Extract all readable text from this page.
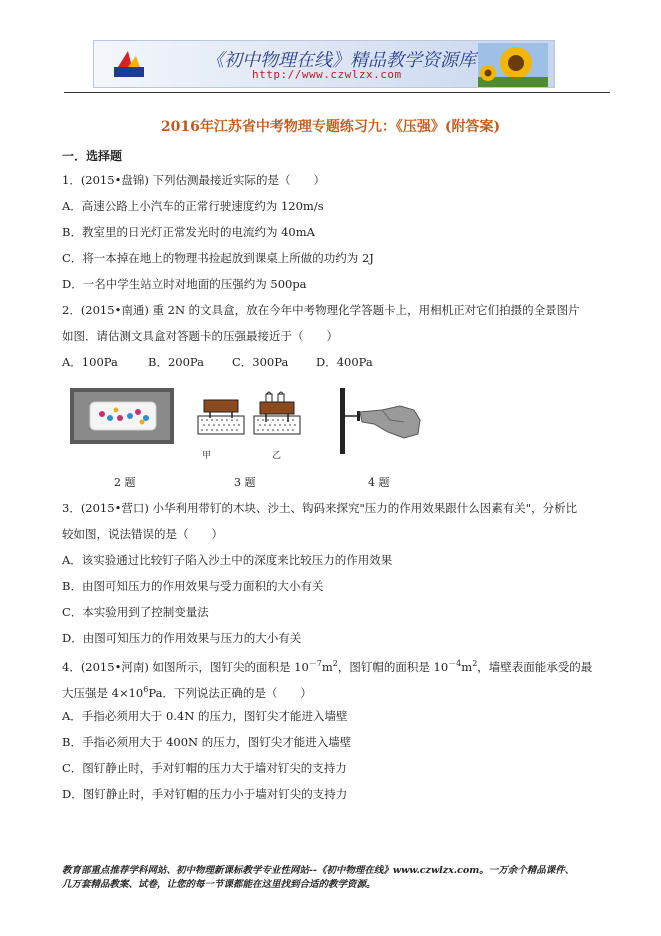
《初中物理在线》精品教学资源库
http://www.czwlzx.com
2016年江苏省中考物理专题练习九：《压强》(附答案)
一．选择题
1．(2015•盘锦) 下列估测最接近实际的是（　　）
A．高速公路上小汽车的正常行驶速度约为 120m/s
B．教室里的日光灯正常发光时的电流约为 40mA
C．将一本掉在地上的物理书捡起放到课桌上所做的功约为 2J
D．一名中学生站立时对地面的压强约为 500pa
2．(2015•南通) 重 2N 的文具盒，放在今年中考物理化学答题卡上，用相机正对它们拍摄的全景图片
如图．请估测文具盒对答题卡的压强最接近于（　　）
A．100Pa	B．200Pa C．300Pa D．400Pa
2 题
甲	乙
3 题	4 题
3．(2015•营口) 小华利用带钉的木块、沙土、钩码来探究"压力的作用效果跟什么因素有关"，分析比
较如图，说法错误的是（　　）
A．该实验通过比较钉子陷入沙土中的深度来比较压力的作用效果
B．由图可知压力的作用效果与受力面积的大小有关
C．本实验用到了控制变量法
D．由图可知压力的作用效果与压力的大小有关
4．(2015•河南) 如图所示，图钉尖的面积是 $10^{-7}m^2$，图钉帽的面积是 $10^{-4}m^2$，墙壁表面能承受的最
大压强是 $4\times 10^6Pa$．下列说法正确的是（　　）
A．手指必须用大于 0.4N 的压力，图钉尖才能进入墙壁
B．手指必须用大于 400N 的压力，图钉尖才能进入墙壁
C．图钉静止时，手对钉帽的压力大于墙对钉尖的支持力
D．图钉静止时，手对钉帽的压力小于墙对钉尖的支持力
教育部重点推荐学科网站、初中物理新课标教学专业性网站--《初中物理在线》www.czwlzx.com。一万余个精品课件、
几万套精品教案、试卷，让您的每一节课都能在这里找到合适的教学资源。
